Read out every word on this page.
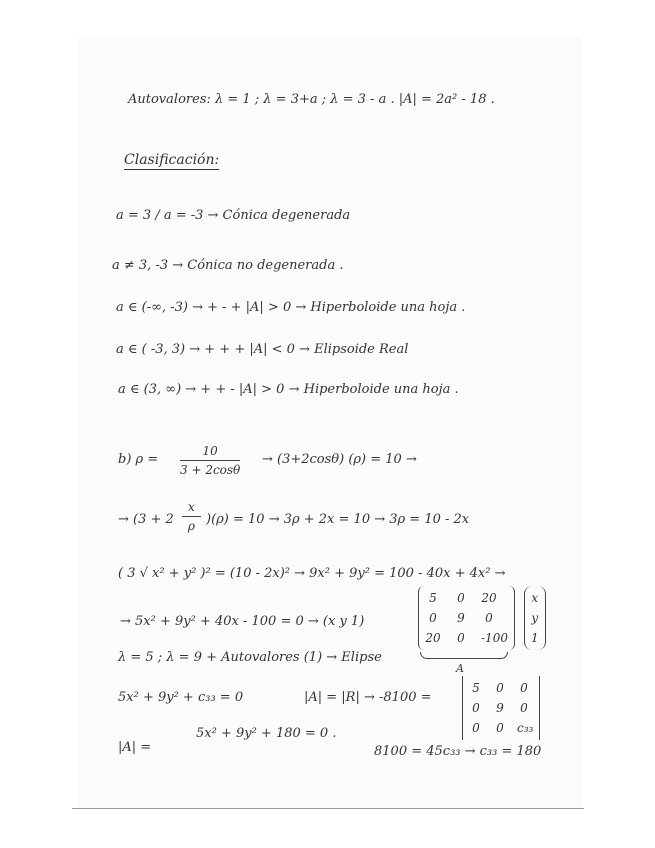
Autovalores: λ = 1 ; λ = 3+a ; λ = 3 - a . |A| = 2a² - 18 .
Clasificación:
a = 3 / a = -3 → Cónica degenerada
a ≠ 3, -3 → Cónica no degenerada .
a ∈ (-∞, -3) → + - + |A| > 0 → Hiperboloide una hoja .
a ∈ ( -3, 3) → + + + |A| < 0 → Elipsoide Real
a ∈ (3, ∞) → + + - |A| > 0 → Hiperboloide una hoja .
b) $\rho = \frac{10}{3 + 2\cos\theta} \to (3+2\cos\theta) (\rho) = 10$ →
→ $(3 + 2 \frac{x}{\rho} )(\rho) = 10 \to 3\rho + 2x = 10 \to 3\rho = 10 - 2x$
( 3 √ x² + y² )² = (10 - 2x)² → 9x² + 9y² = 100 - 40x + 4x² →
→ 5x² + 9y² + 40x - 100 = 0 → (x y 1)
5	0	20
0	9	0
20	0	-100
x
y
1
A
λ = 5 ; λ = 9 + Autovalores (1) → Elipse
5x² + 9y² + c₃₃ = 0	|A| = |R| → -8100 =
5 0 0
0 9 0
0 0 c₃₃
|A| =
5x² + 9y² + 180 = 0 .
8100 = 45c₃₃ → c₃₃ = 180
